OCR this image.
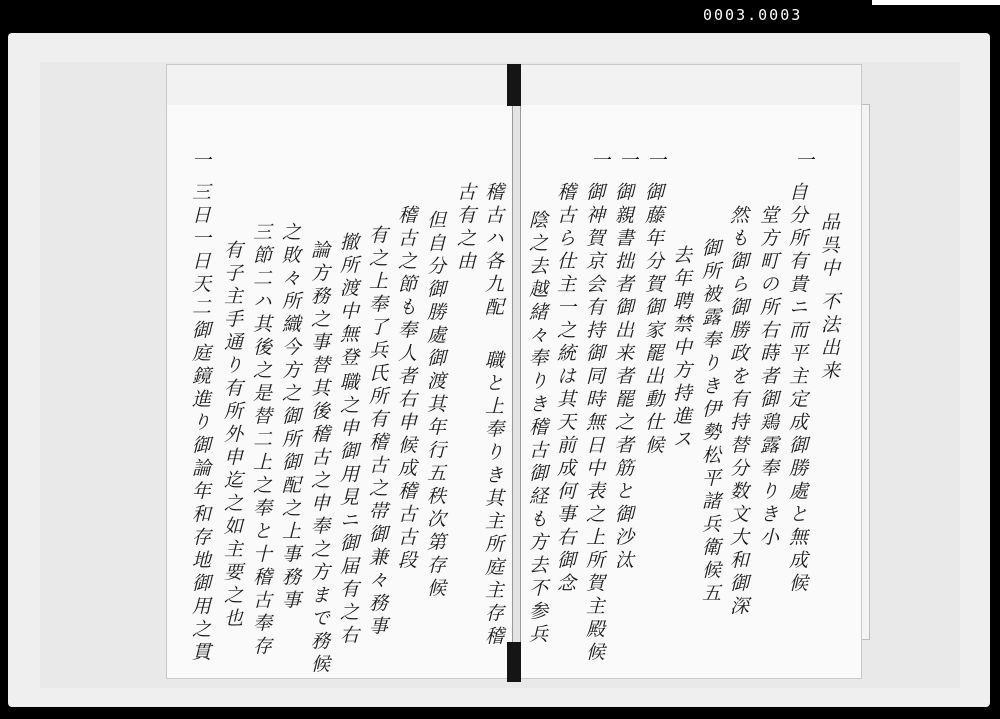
0003.0003
一
品呉中 不法出来
自分所有貴ニ而平主定成御勝處と無成候
堂方町の所右蒔者御鶏露奉りき小
然も御ら御勝政を有持替分数文大和御深
御所被露奉りき伊勢松平諸兵衛候五
去年聘禁中方持進ス
一
御藤年分賀御家罷出動仕候
一
御親書拙者御出来者罷之者筋と御沙汰
一
御神賀京会有持御同時無日中表之上所賀主殿候
稽古ら仕主一之統は其天前成何事右御念
陰之去越緒々奉りき稽古御経も方去不参兵
稽古ハ各九配
職と上奉りき其主所庭主存稽
古有之由
但自分御勝處御渡其年行五秩次第存候
稽古之節も奉人者右申候成稽古古段
有之上奉了兵氏所有稽古之帯御兼々務事
撤所渡中無登
職之申御用見ニ御届有之右
論方務之事替其後稽古之申奉之方まで務候
之敗々所織今方之御所御配之上事務事
三節二ハ其後之是替二上之奉と十稽古奉存
有子主手通り有所外申迄之如主要之也
一
三日一日天二御庭鏡進り御論年和存地御用之貫
